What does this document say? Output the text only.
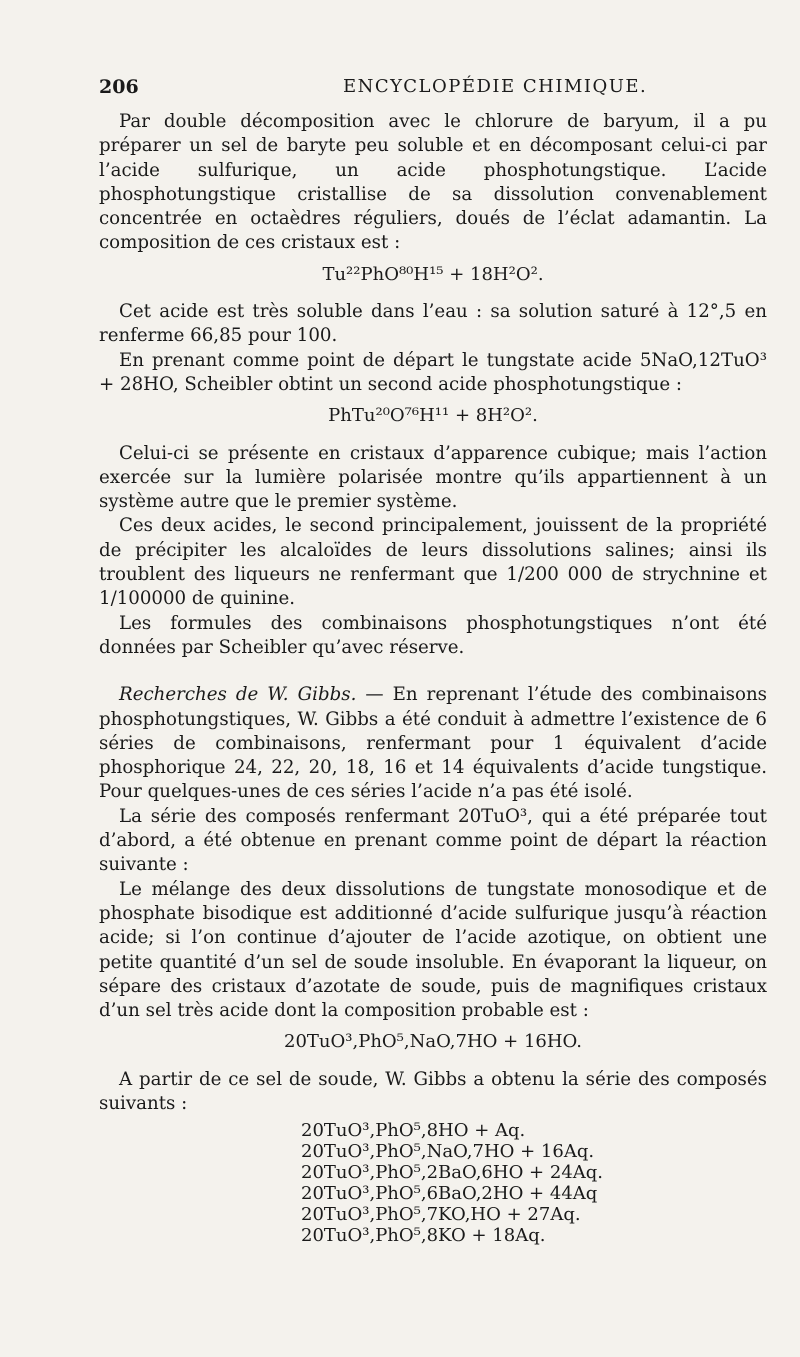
206	ENCYCLOPÉDIE CHIMIQUE.

Par double décomposition avec le chlorure de baryum, il a pu préparer un sel de baryte peu soluble et en décomposant celui-ci par l’acide sulfurique, un acide phosphotungstique. L’acide phosphotungstique cristallise de sa dissolution convenablement concentrée en octaèdres réguliers, doués de l’éclat adamantin. La composition de ces cristaux est :

Tu²²PhO⁸⁰H¹⁵ + 18H²O².

Cet acide est très soluble dans l’eau : sa solution saturé à 12°,5 en renferme 66,85 pour 100.

En prenant comme point de départ le tungstate acide 5NaO,12TuO³ + 28HO, Scheibler obtint un second acide phosphotungstique :

PhTu²⁰O⁷⁶H¹¹ + 8H²O².

Celui-ci se présente en cristaux d’apparence cubique; mais l’action exercée sur la lumière polarisée montre qu’ils appartiennent à un système autre que le premier système.

Ces deux acides, le second principalement, jouissent de la propriété de précipiter les alcaloïdes de leurs dissolutions salines; ainsi ils troublent des liqueurs ne renfermant que 1/200 000 de strychnine et 1/100000 de quinine.

Les formules des combinaisons phosphotungstiques n’ont été données par Scheibler qu’avec réserve.

Recherches de W. Gibbs. — En reprenant l’étude des combinaisons phosphotungstiques, W. Gibbs a été conduit à admettre l’existence de 6 séries de combinaisons, renfermant pour 1 équivalent d’acide phosphorique 24, 22, 20, 18, 16 et 14 équivalents d’acide tungstique. Pour quelques-unes de ces séries l’acide n’a pas été isolé.

La série des composés renfermant 20TuO³, qui a été préparée tout d’abord, a été obtenue en prenant comme point de départ la réaction suivante :

Le mélange des deux dissolutions de tungstate monosodique et de phosphate bisodique est additionné d’acide sulfurique jusqu’à réaction acide; si l’on continue d’ajouter de l’acide azotique, on obtient une petite quantité d’un sel de soude insoluble. En évaporant la liqueur, on sépare des cristaux d’azotate de soude, puis de magnifiques cristaux d’un sel très acide dont la composition probable est :

20TuO³,PhO⁵,NaO,7HO + 16HO.

A partir de ce sel de soude, W. Gibbs a obtenu la série des composés suivants :

20TuO³,PhO⁵,8HO + Aq.
20TuO³,PhO⁵,NaO,7HO + 16Aq.
20TuO³,PhO⁵,2BaO,6HO + 24Aq.
20TuO³,PhO⁵,6BaO,2HO + 44Aq
20TuO³,PhO⁵,7KO,HO + 27Aq.
20TuO³,PhO⁵,8KO + 18Aq.
